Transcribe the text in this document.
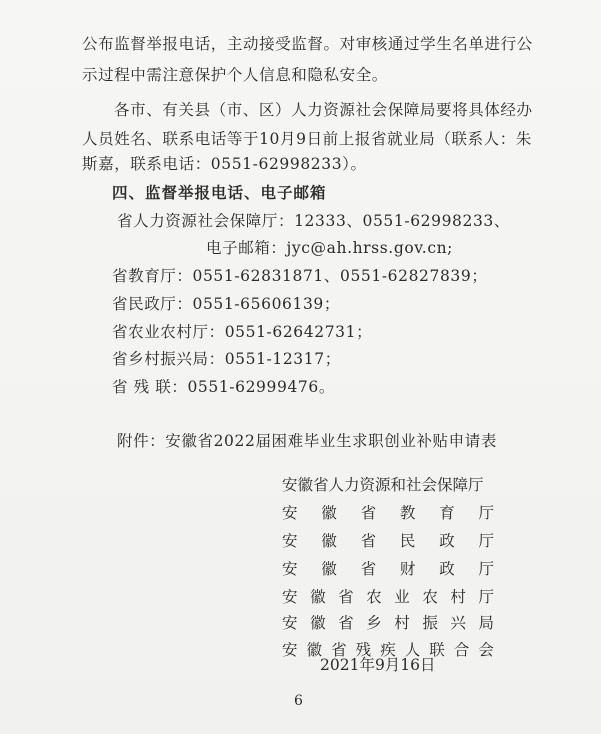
公布监督举报电话，主动接受监督。对审核通过学生名单进行公
示过程中需注意保护个人信息和隐私安全。
各市、有关县（市、区）人力资源社会保障局要将具体经办
人员姓名、联系电话等于10月9日前上报省就业局（联系人：朱
斯嘉，联系电话：0551-62998233）。
四、监督举报电话、电子邮箱
省人力资源社会保障厅：12333、0551-62998233、
电子邮箱：jyc@ah.hrss.gov.cn;
省教育厅：0551-62831871、0551-62827839；
省民政厅：0551-65606139；
省农业农村厅：0551-62642731；
省乡村振兴局：0551-12317；
省 残 联：0551-62999476。
附件：安徽省2022届困难毕业生求职创业补贴申请表
安徽省人力资源和社会保障厅
安 徽 省 教 育 厅
安 徽 省 民 政 厅
安 徽 省 财 政 厅
安 徽 省 农 业 农 村 厅
安 徽 省 乡 村 振 兴 局
安 徽 省 残 疾 人 联 合 会
2021年9月16日
6
